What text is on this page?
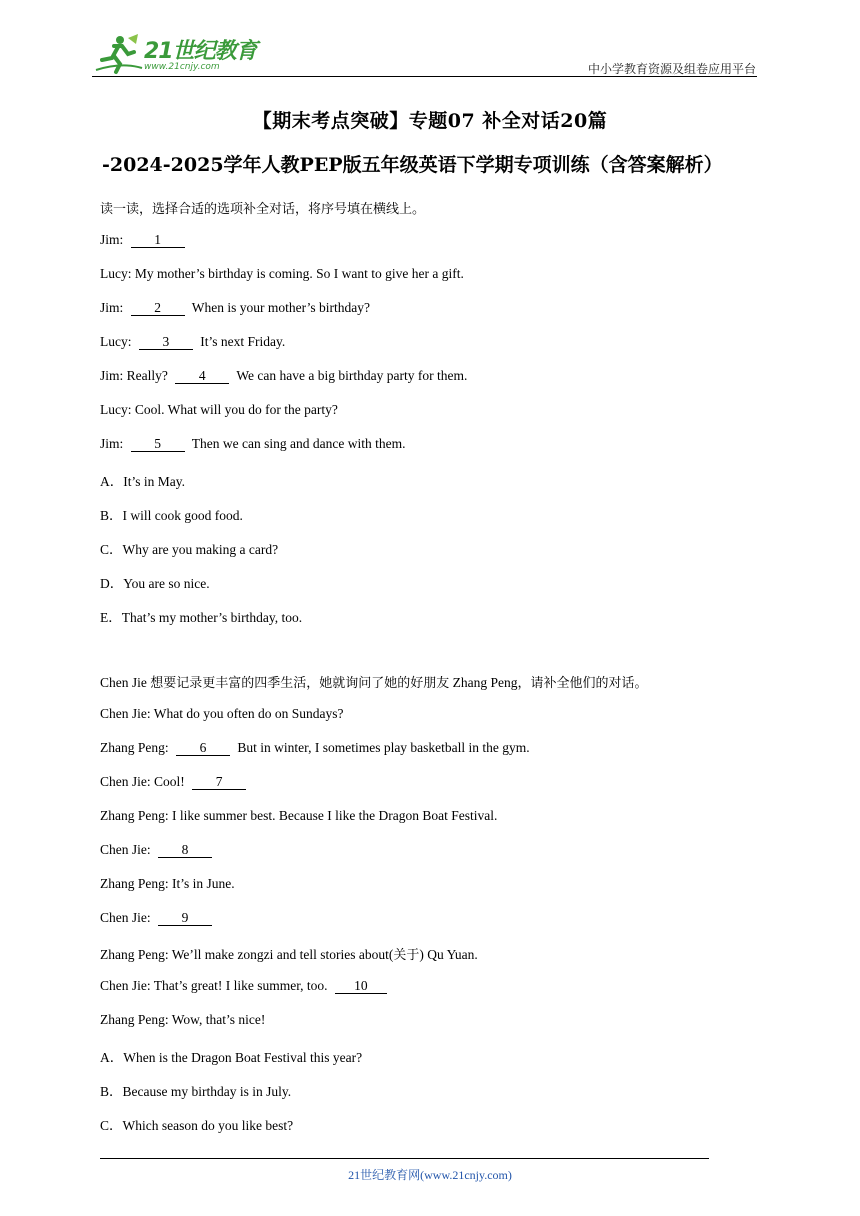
21世纪教育
www.21cnjy.com	中小学教育资源及组卷应用平台
【期末考点突破】专题07 补全对话20篇
-2024-2025学年人教PEP版五年级英语下学期专项训练（含答案解析）
读一读，选择合适的选项补全对话，将序号填在横线上。
Jim: 1
Lucy: My mother’s birthday is coming. So I want to give her a gift.
Jim: 2 When is your mother’s birthday?
Lucy: 3 It’s next Friday.
Jim: Really? 4 We can have a big birthday party for them.
Lucy: Cool. What will you do for the party?
Jim: 5 Then we can sing and dance with them.
A．It’s in May.
B．I will cook good food.
C．Why are you making a card?
D．You are so nice.
E．That’s my mother’s birthday, too.
Chen Jie 想要记录更丰富的四季生活，她就询问了她的好朋友 Zhang Peng，请补全他们的对话。
Chen Jie: What do you often do on Sundays?
Zhang Peng: 6 But in winter, I sometimes play basketball in the gym.
Chen Jie: Cool! 7
Zhang Peng: I like summer best. Because I like the Dragon Boat Festival.
Chen Jie: 8
Zhang Peng: It’s in June.
Chen Jie: 9
Zhang Peng: We’ll make zongzi and tell stories about(关于) Qu Yuan.
Chen Jie: That’s great! I like summer, too. 10
Zhang Peng: Wow, that’s nice!
A．When is the Dragon Boat Festival this year?
B．Because my birthday is in July.
C．Which season do you like best?
21世纪教育网(www.21cnjy.com)
